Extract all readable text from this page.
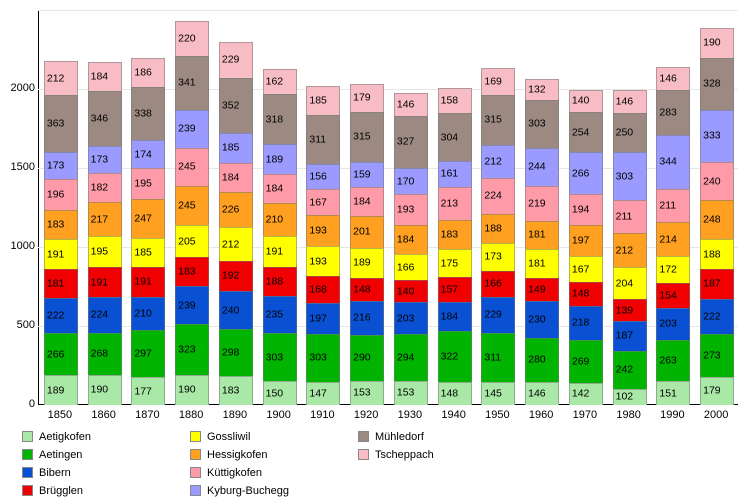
0
500
1000
1500
2000
212
363
173
196
183
191
181
222
266
189
184
346
173
182
217
195
191
224
268
190
186
338
174
195
247
185
191
210
297
177
220
341
239
245
245
205
183
239
323
190
229
352
185
184
226
212
192
240
298
183
162
318
189
184
210
191
188
235
303
150
185
311
156
167
193
193
168
197
303
147
179
315
159
184
201
189
148
216
290
153
146
327
170
193
184
166
140
203
294
153
158
304
161
213
183
175
157
184
322
148
169
315
212
224
188
173
166
229
311
145
132
303
244
219
181
181
149
230
280
146
140
254
266
194
197
167
148
218
269
142
146
250
303
211
212
204
139
187
242
102
146
283
344
211
214
172
154
203
263
151
190
328
333
240
248
188
187
222
273
179
1850	1860	1870	1880	1890	1900	1910	1920	1930	1940	1950	1960	1970	1980	1990	2000
Aetigkofen
Aetingen
Bibern
Brügglen
Gossliwil
Hessigkofen
Küttigkofen
Kyburg-Buchegg
Mühledorf
Tscheppach
